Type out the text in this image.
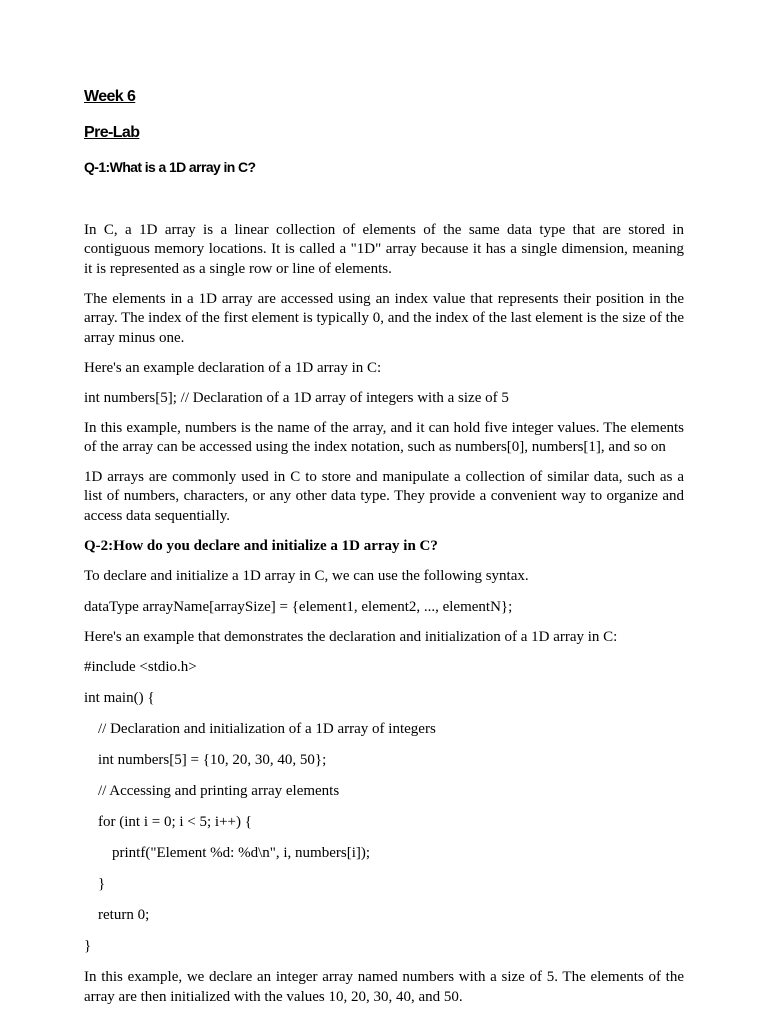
Week 6
Pre-Lab
Q-1:What is a 1D array in C?

In C, a 1D array is a linear collection of elements of the same data type that are stored in contiguous memory locations. It is called a "1D" array because it has a single dimension, meaning it is represented as a single row or line of elements.

The elements in a 1D array are accessed using an index value that represents their position in the array. The index of the first element is typically 0, and the index of the last element is the size of the array minus one.

Here's an example declaration of a 1D array in C:

int numbers[5]; // Declaration of a 1D array of integers with a size of 5

In this example, numbers is the name of the array, and it can hold five integer values. The elements of the array can be accessed using the index notation, such as numbers[0], numbers[1], and so on

1D arrays are commonly used in C to store and manipulate a collection of similar data, such as a list of numbers, characters, or any other data type. They provide a convenient way to organize and access data sequentially.

Q-2:How do you declare and initialize a 1D array in C?

To declare and initialize a 1D array in C, we can use the following syntax.

dataType arrayName[arraySize] = {element1, element2, ..., elementN};

Here's an example that demonstrates the declaration and initialization of a 1D array in C:

#include <stdio.h>

int main() {

// Declaration and initialization of a 1D array of integers

int numbers[5] = {10, 20, 30, 40, 50};

// Accessing and printing array elements

for (int i = 0; i < 5; i++) {

printf("Element %d: %d\n", i, numbers[i]);

}

return 0;

}

In this example, we declare an integer array named numbers with a size of 5. The elements of the array are then initialized with the values 10, 20, 30, 40, and 50.
